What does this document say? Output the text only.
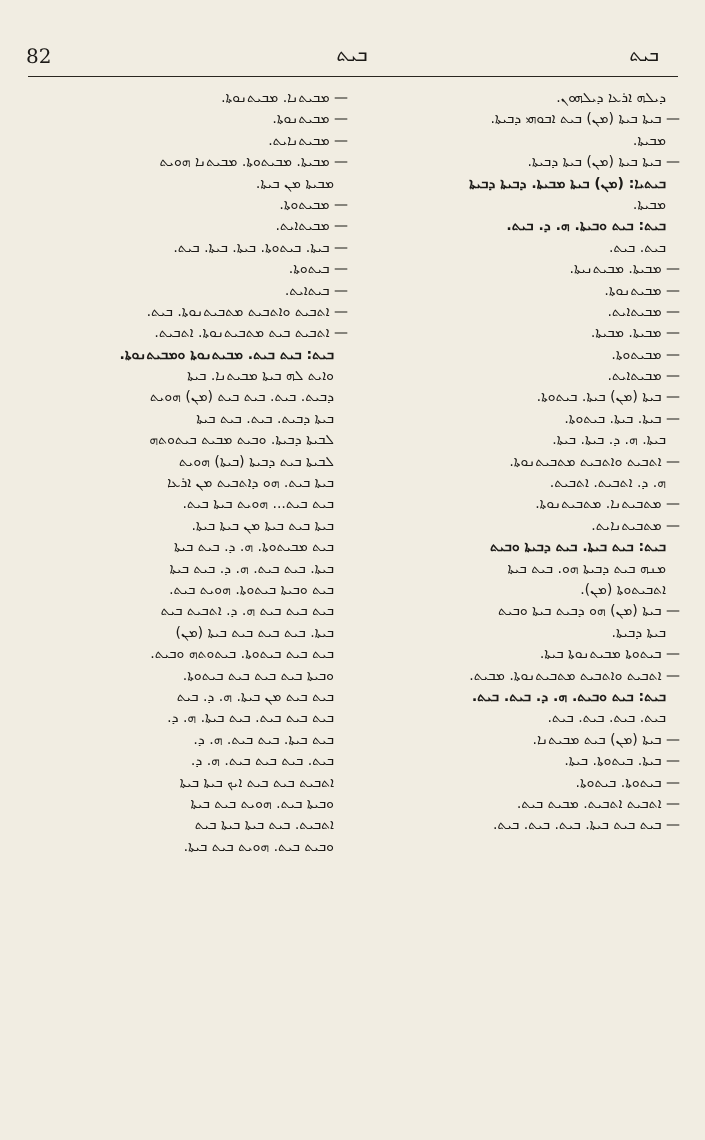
82	ܒܝܬ	ܒܝܬ
ܕܝܠܗ ܐܪܥܐ ܕܝܠܗܘܢ.
— ܒܝܬܐ ܒܝܬܐ (ܡܢ) ܒܝܬ ܐܒܘܗܝ ܕܒܝܬܐ.
ܡܒܝܬܐ.
— ܒܝܬܐ ܒܝܬܐ (ܡܢ) ܒܝܬܐ ܕܒܝܬܐ.
ܒܝܬܝܐ: (ܡܢ) ܒܝܬܐ ܡܒܝܬܐ. ܕܒܝܬܐ ܕܒܝܬܐ
ܡܒܝܬܐ.
ܒܝܬ: ܒܝܬ ܘܒܝܬܐ. ܗ. ܕ. ܒܝܬ.
ܒܝܬ. ܒܝܬ.
— ܡܒܝܬܐ. ܡܒܝܬܢܝܬܐ.
— ܡܒܝܬܢܘܬܐ.
— ܡܒܝܬܐܝܬ.
— ܡܒܝܬܐ. ܡܒܝܬܐ.
— ܡܒܝܬܘܬܐ.
— ܡܒܝܬܐܝܬ.
— ܒܝܬܐ (ܡܢ) ܒܝܬܐ. ܒܝܬܘܬܐ.
— ܒܝܬܐ. ܒܝܬܐ. ܒܝܬܘܬܐ.
ܒܝܬܐ. ܗ. ܕ. ܒܝܬܐ. ܒܝܬܐ.
— ܐܬܒܝܬ ܘܐܬܒܝܬ ܡܬܒܝܬܢܘܬܐ.
ܗ. ܕ. ܐܬܒܝܬ. ܐܬܒܝܬ.
— ܡܬܒܝܬܢܐ. ܡܬܒܝܬܢܘܬܐ.
— ܡܬܒܝܬܢܐܝܬ.
ܒܝܬ: ܒܝܬ ܒܝܬܐ. ܒܝܬ ܕܒܝܬܐ ܘܒܝܬ
ܡܢܗ ܒܝܬ ܕܒܝܬܐ ܗܘ. ܒܝܬ ܒܝܬܐ
ܐܬܒܝܬܘܬܐ (ܡܢ).
— ܒܝܬܐ (ܡܢ) ܗܘ ܕܒܝܬ ܒܝܬܐ ܘܒܝܬ
ܒܝܬܐ ܕܒܝܬܐ.
— ܒܝܬܘܬܐ ܡܒܝܬܢܘܬܐ ܒܝܬܐ.
— ܐܬܒܝܬ ܘܐܬܒܝܬ ܡܬܒܝܬܢܘܬܐ. ܡܒܝܬ.
ܒܝܬ: ܒܝܬ ܘܒܝܬ. ܗ. ܕ. ܒܝܬ. ܒܝܬ.
ܒܝܬ. ܒܝܬ. ܒܝܬ. ܒܝܬ.
— ܒܝܬܐ (ܡܢ) ܒܝܬ ܡܒܝܬܢܐ.
— ܒܝܬܐ. ܒܝܬܘܬܐ. ܒܝܬܐ.
— ܒܝܬܘܬܐ. ܒܝܬܘܬܐ.
— ܐܬܒܝܬ ܐܬܒܝܬ. ܡܒܝܬ ܒܝܬ.
— ܒܝܬ ܒܝܬ ܒܝܬܐ. ܒܝܬ. ܒܝܬ. ܒܝܬ.
— ܡܒܝܬܢܐ. ܡܒܝܬܢܘܬܐ.
— ܡܒܝܬܢܘܬܐ.
— ܡܒܝܬܢܐܝܬ.
— ܡܒܝܬܐ. ܡܒܝܬܘܬܐ. ܡܒܝܬܢܐ ܗܘܝܬ
ܡܒܝܬܐ ܡܢ ܒܝܬܐ.
— ܡܒܝܬܘܬܐ.
— ܡܒܝܬܐܝܬ.
— ܒܝܬܐ. ܒܝܬܘܬܐ. ܒܝܬܐ. ܒܝܬܐ. ܒܝܬ.
— ܒܝܬܘܬܐ.
— ܒܝܬܐܝܬ.
— ܐܬܒܝܬ ܘܐܬܒܝܬ ܡܬܒܝܬܢܘܬܐ. ܒܝܬ.
— ܐܬܒܝܬ ܒܝܬ ܡܬܒܝܬܢܘܬܐ. ܐܬܒܝܬ.
ܒܝܬ: ܒܝܬ ܒܝܬ. ܡܒܝܬܢܘܬܐ ܘܡܒܝܬܢܘܬܐ.
ܘܐܝܬ ܠܗ ܒܝܬܐ ܡܒܝܬܢܐ. ܒܝܬܐ
ܕܒܝܬ. ܒܝܬ. ܒܝܬ ܒܝܬ (ܡܢ) ܗܘܝܬ
ܒܝܬܐ ܕܒܝܬ. ܒܝܬ. ܒܝܬ ܒܝܬܐ
ܠܒܝܬܐ ܕܒܝܬܐ. ܘܒܝܬ ܡܒܝܬ ܒܝܬܘܬܗ
ܠܒܝܬܐ ܒܝܬ ܕܒܝܬܐ (ܒܝܬܐ) ܗܘܝܬ
ܒܝܬܐ ܒܝܬ. ܗܘ ܕܐܬܒܝܬ ܡܢ ܐܪܥܐ
ܒܝܬ ܒܝܬ... ܗܘܝܬ ܒܝܬܐ ܒܝܬ.
ܒܝܬܐ ܒܝܬ ܒܝܬܐ ܡܢ ܒܝܬܐ ܒܝܬܐ.
ܒܝܬ ܡܒܝܬܘܬܐ. ܗ. ܕ. ܒܝܬ ܒܝܬܐ
ܒܝܬܐ. ܒܝܬ ܒܝܬ. ܗ. ܕ. ܒܝܬ ܒܝܬܐ
ܒܝܬ ܘܒܝܬܐ ܒܝܬܘܬܐ. ܗܘܝܬ ܒܝܬ.
ܒܝܬ ܒܝܬ ܒܝܬ ܗ. ܕ. ܐܬܒܝܬ ܒܝܬ
ܒܝܬܐ. ܒܝܬ ܒܝܬ ܒܝܬ ܒܝܬܐ (ܡܢ)
ܒܝܬ ܒܝܬ ܒܝܬܘܬܐ. ܒܝܬܘܬܗ ܘܒܝܬ.
ܘܒܝܬܐ ܒܝܬ ܒܝܬ ܒܝܬ ܒܝܬܘܬܐ.
ܒܝܬ ܒܝܬ ܡܢ ܒܝܬܐ. ܗ. ܕ. ܒܝܬ
ܒܝܬ ܒܝܬ ܒܝܬ. ܒܝܬ ܒܝܬܐ. ܗ. ܕ.
ܒܝܬ ܒܝܬܐ. ܒܝܬ ܒܝܬ. ܗ. ܕ.
ܒܝܬ. ܒܝܬ ܒܝܬ ܒܝܬ. ܗ. ܕ.
ܐܬܒܝܬ ܒܝܬ ܒܝܬ ܐܝܟ ܒܝܬܐ ܒܝܬܐ
ܘܒܝܬܐ ܒܝܬ. ܗܘܝܬ ܒܝܬ ܒܝܬܐ
ܐܬܒܝܬ. ܒܝܬ ܒܝܬܐ ܒܝܬܐ ܒܝܬ
ܘܒܝܬ ܒܝܬ. ܗܘܝܬ ܒܝܬ ܒܝܬܐ.
